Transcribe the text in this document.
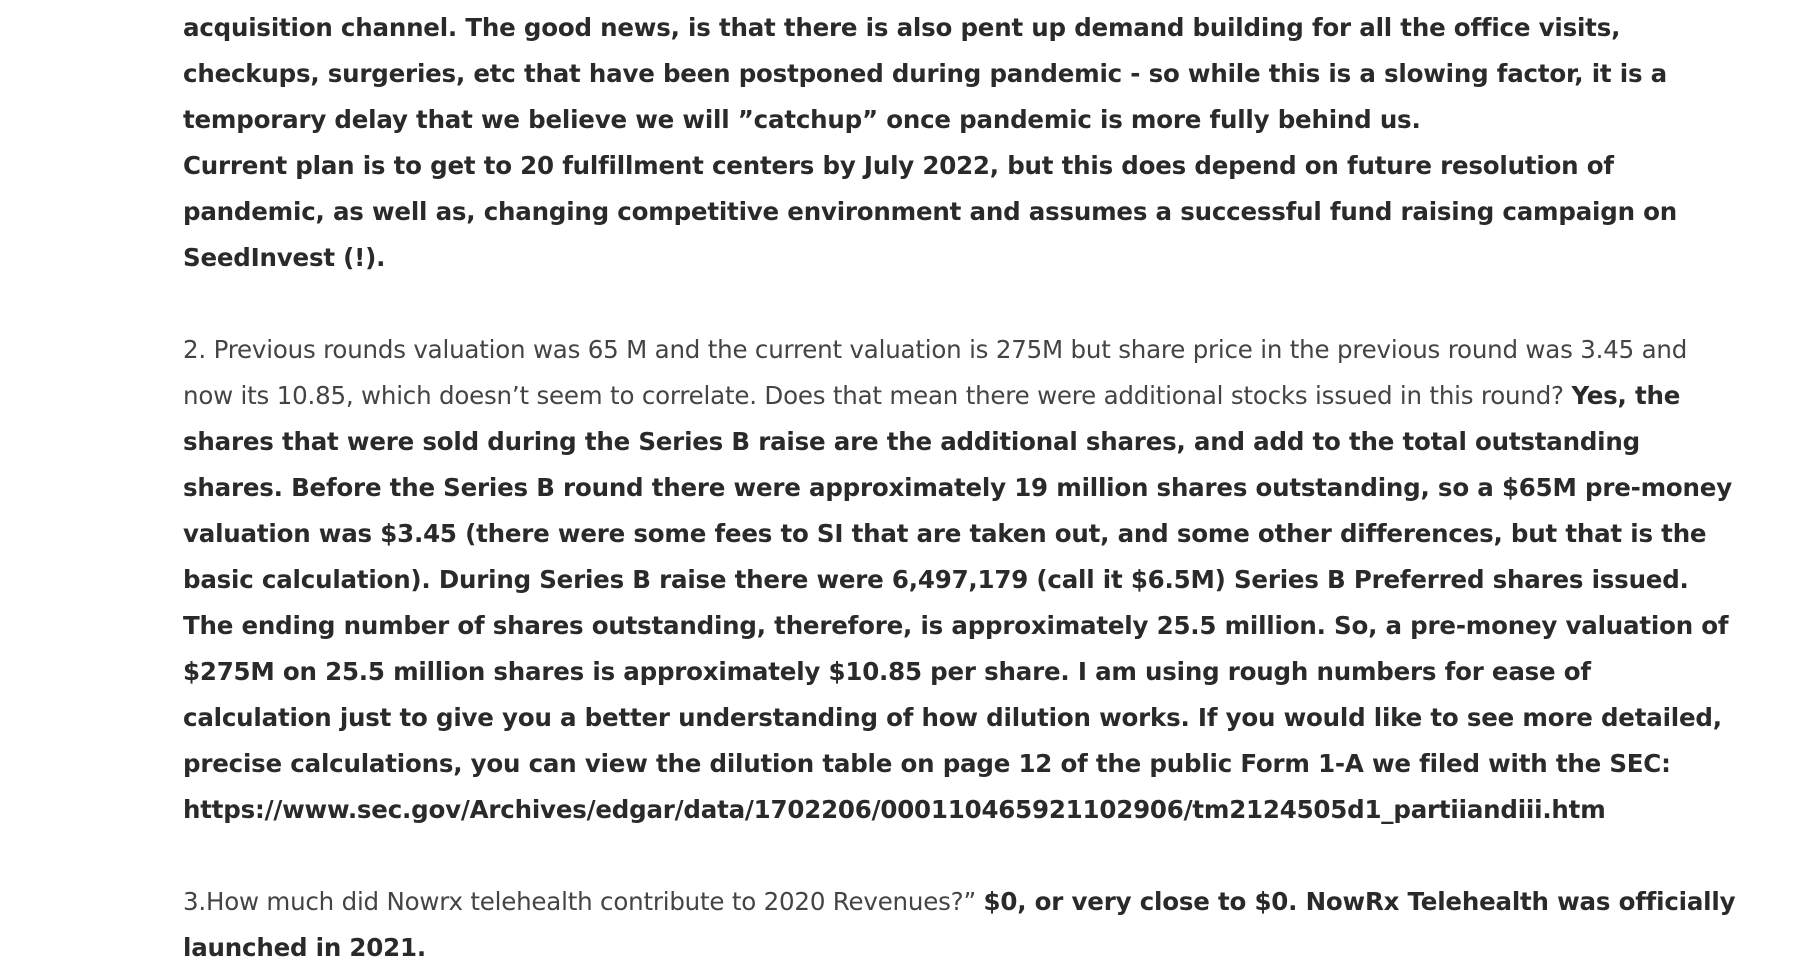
acquisition channel. The good news, is that there is also pent up demand building for all the office visits, checkups, surgeries, etc that have been postponed during pandemic - so while this is a slowing factor, it is a temporary delay that we believe we will ”catchup” once pandemic is more fully behind us.

Current plan is to get to 20 fulfillment centers by July 2022, but this does depend on future resolution of pandemic, as well as, changing competitive environment and assumes a successful fund raising campaign on SeedInvest (!).

2. Previous rounds valuation was 65 M and the current valuation is 275M but share price in the previous round was 3.45 and now its 10.85, which doesn’t seem to correlate. Does that mean there were additional stocks issued in this round? Yes, the shares that were sold during the Series B raise are the additional shares, and add to the total outstanding shares. Before the Series B round there were approximately 19 million shares outstanding, so a $65M pre-money valuation was $3.45 (there were some fees to SI that are taken out, and some other differences, but that is the basic calculation). During Series B raise there were 6,497,179 (call it $6.5M) Series B Preferred shares issued. The ending number of shares outstanding, therefore, is approximately 25.5 million. So, a pre-money valuation of $275M on 25.5 million shares is approximately $10.85 per share. I am using rough numbers for ease of calculation just to give you a better understanding of how dilution works. If you would like to see more detailed, precise calculations, you can view the dilution table on page 12 of the public Form 1-A we filed with the SEC: https://www.sec.gov/Archives/edgar/data/1702206/000110465921102906/tm2124505d1_partiiandiii.htm

3.How much did Nowrx telehealth contribute to 2020 Revenues?” $0, or very close to $0. NowRx Telehealth was officially launched in 2021.
